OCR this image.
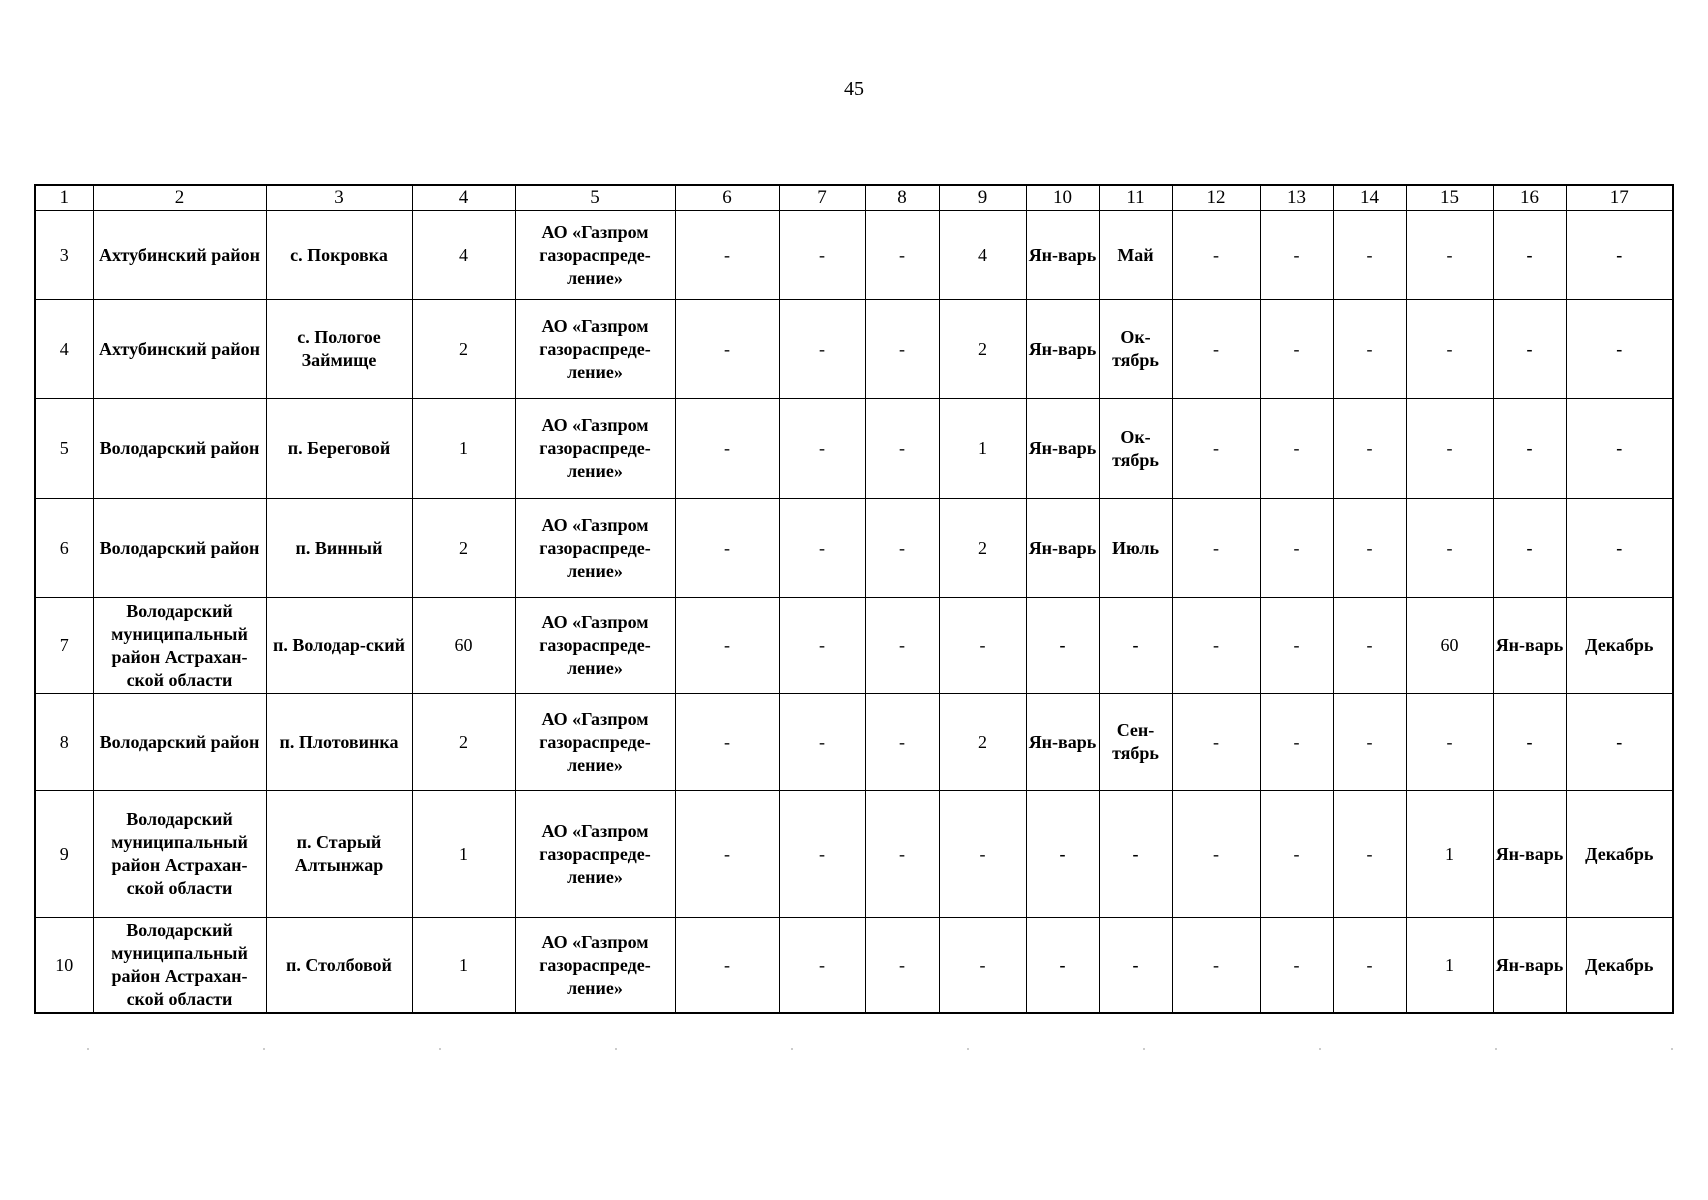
45
1	2	3	4	5	6	7	8	9	10	11	12	13	14	15	16	17
3	Ахтубинский район	с. Покровка	4	АО «Газпром газораспреде-ление»	-	-	-	4	Ян-варь	Май	-	-	-	-	-	-
4	Ахтубинский район	с. Пологое Займище	2	АО «Газпром газораспреде-ление»	-	-	-	2	Ян-варь	Ок-тябрь	-	-	-	-	-	-
5	Володарский район	п. Береговой	1	АО «Газпром газораспреде-ление»	-	-	-	1	Ян-варь	Ок-тябрь	-	-	-	-	-	-
6	Володарский район	п. Винный	2	АО «Газпром газораспреде-ление»	-	-	-	2	Ян-варь	Июль	-	-	-	-	-	-
7	Володарский муниципальный район Астрахан-ской области	п. Володар-ский	60	АО «Газпром газораспреде-ление»	-	-	-	-	-	-	-	-	-	60	Ян-варь	Декабрь
8	Володарский район	п. Плотовинка	2	АО «Газпром газораспреде-ление»	-	-	-	2	Ян-варь	Сен-тябрь	-	-	-	-	-	-
9	Володарский муниципальный район Астрахан-ской области	п. Старый Алтынжар	1	АО «Газпром газораспреде-ление»	-	-	-	-	-	-	-	-	-	1	Ян-варь	Декабрь
10	Володарский муниципальный район Астрахан-ской области	п. Столбовой	1	АО «Газпром газораспреде-ление»	-	-	-	-	-	-	-	-	-	1	Ян-варь	Декабрь
